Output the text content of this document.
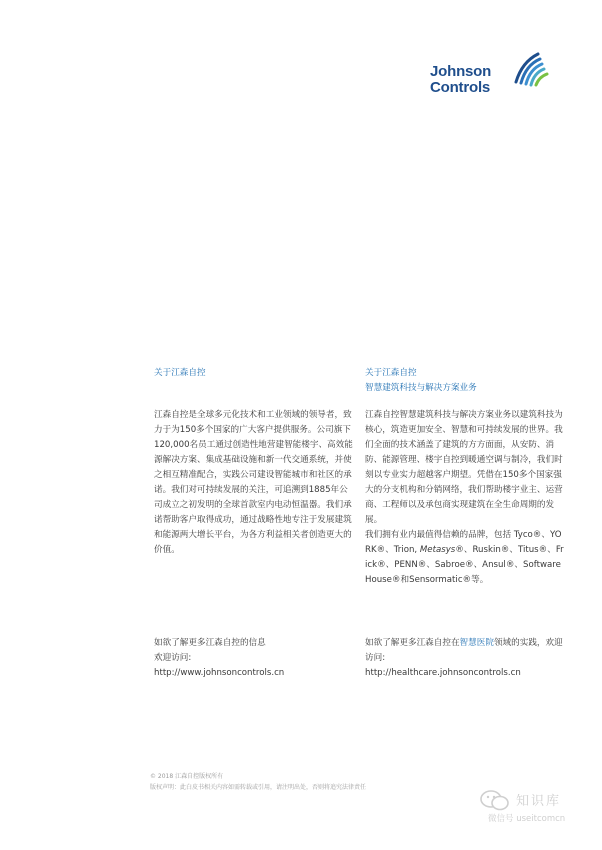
Johnson
Controls

关于江森自控

江森自控是全球多元化技术和工业领域的领导者，致力于为150多个国家的广大客户提供服务。公司旗下120,000名员工通过创造性地营建智能楼宇、高效能源解决方案、集成基础设施和新一代交通系统，并使之相互精准配合，实践公司建设智能城市和社区的承诺。我们对可持续发展的关注，可追溯到1885年公司成立之初发明的全球首款室内电动恒温器。我们承诺帮助客户取得成功，通过战略性地专注于发展建筑和能源两大增长平台，为各方利益相关者创造更大的价值。

如欲了解更多江森自控的信息

欢迎访问:

http://www.johnsoncontrols.cn

关于江森自控

智慧建筑科技与解决方案业务

江森自控智慧建筑科技与解决方案业务以建筑科技为核心，筑造更加安全、智慧和可持续发展的世界。我们全面的技术涵盖了建筑的方方面面，从安防、消防、能源管理、楼宇自控到暖通空调与制冷，我们时刻以专业实力超越客户期望。凭借在150多个国家强大的分支机构和分销网络，我们帮助楼宇业主、运营商、工程师以及承包商实现建筑在全生命周期的发展。

我们拥有业内最值得信赖的品牌，包括 Tyco®、YORK®、Trion, Metasys®、Ruskin®、Titus®、Frick®、PENN®、Sabroe®、Ansul®、Software House®和Sensormatic®等。

如欲了解更多江森自控在智慧医院领域的实践，欢迎访问:

http://healthcare.johnsoncontrols.cn

© 2018 江森自控版权所有
版权声明：此白皮书相关内容如需转载或引用，请注明出处，否则将追究法律责任
知识库
微信号 useitcomcn
